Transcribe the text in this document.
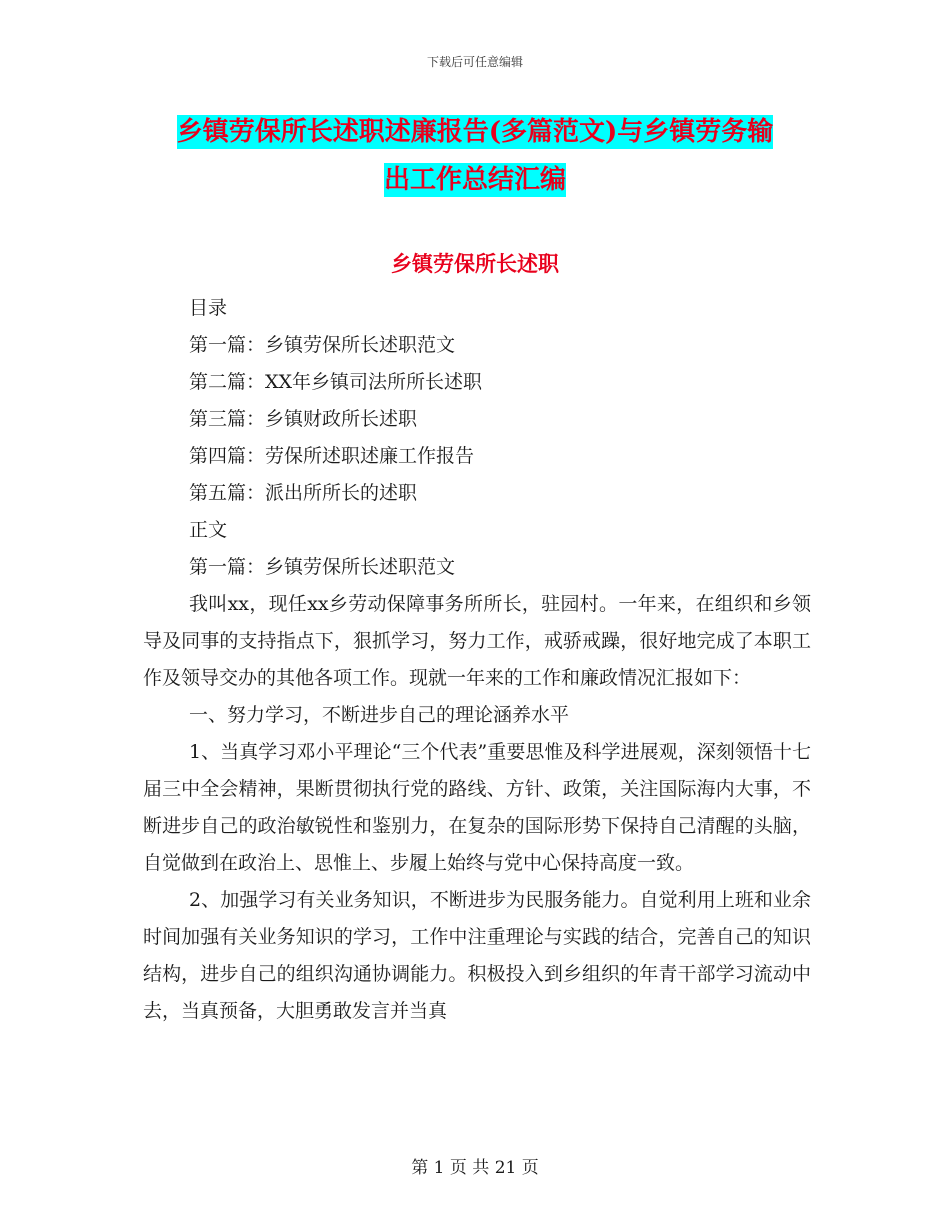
下载后可任意编辑
乡镇劳保所长述职述廉报告(多篇范文)与乡镇劳务输
出工作总结汇编
乡镇劳保所长述职
目录
第一篇：乡镇劳保所长述职范文
第二篇：XX年乡镇司法所所长述职
第三篇：乡镇财政所长述职
第四篇：劳保所述职述廉工作报告
第五篇：派出所所长的述职
正文
第一篇：乡镇劳保所长述职范文

我叫xx，现任xx乡劳动保障事务所所长，驻园村。一年来，在组织和乡领导及同事的支持指点下，狠抓学习，努力工作，戒骄戒躁，很好地完成了本职工作及领导交办的其他各项工作。现就一年来的工作和廉政情况汇报如下：

一、努力学习，不断进步自己的理论涵养水平

1、当真学习邓小平理论“三个代表”重要思惟及科学进展观，深刻领悟十七届三中全会精神，果断贯彻执行党的路线、方针、政策，关注国际海内大事，不断进步自己的政治敏锐性和鉴别力，在复杂的国际形势下保持自己清醒的头脑，自觉做到在政治上、思惟上、步履上始终与党中心保持高度一致。

2、加强学习有关业务知识，不断进步为民服务能力。自觉利用上班和业余时间加强有关业务知识的学习，工作中注重理论与实践的结合，完善自己的知识结构，进步自己的组织沟通协调能力。积极投入到乡组织的年青干部学习流动中去，当真预备，大胆勇敢发言并当真

第 1 页 共 21 页
